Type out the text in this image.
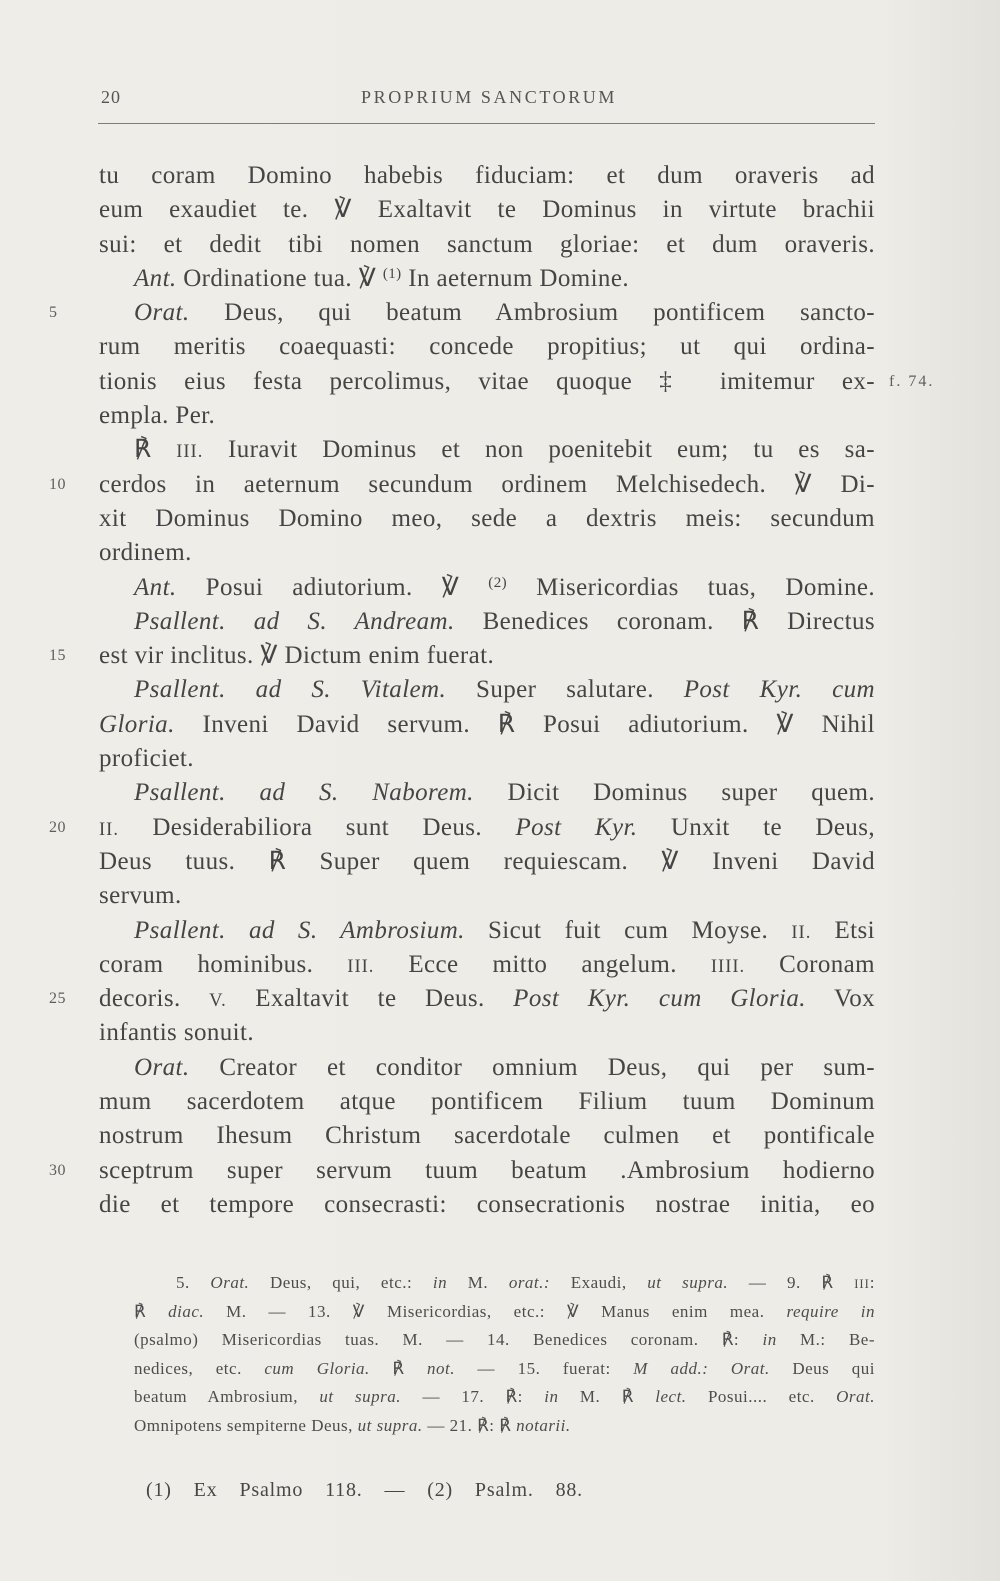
20	PROPRIUM SANCTORUM
tu coram Domino habebis fiduciam: et dum oraveris ad
eum exaudiet te. ℣ Exaltavit te Dominus in virtute brachii
sui: et dedit tibi nomen sanctum gloriae: et dum oraveris.
Ant. Ordinatione tua. ℣ $^{(1)}$ In aeternum Domine.
5	Orat. Deus, qui beatum Ambrosium pontificem sancto-
rum meritis coaequasti: concede propitius; ut qui ordina-
f. 74.
tionis eius festa percolimus, vitae quoque ‡ imitemur ex-
empla. Per.
℟ III. Iuravit Dominus et non poenitebit eum; tu es sa-
10	cerdos in aeternum secundum ordinem Melchisedech. ℣ Di-
xit Dominus Domino meo, sede a dextris meis: secundum
ordinem.
Ant. Posui adiutorium. ℣ $^{(2)}$ Misericordias tuas, Domine.
Psallent. ad S. Andream. Benedices coronam. ℟ Directus
15	est vir inclitus. ℣ Dictum enim fuerat.
Psallent. ad S. Vitalem. Super salutare. Post Kyr. cum
Gloria. Inveni David servum. ℟ Posui adiutorium. ℣ Nihil
proficiet.
Psallent. ad S. Naborem. Dicit Dominus super quem.
20	II. Desiderabiliora sunt Deus. Post Kyr. Unxit te Deus,
Deus tuus. ℟ Super quem requiescam. ℣ Inveni David
servum.
Psallent. ad S. Ambrosium. Sicut fuit cum Moyse. II. Etsi
coram hominibus. III. Ecce mitto angelum. IIII. Coronam
25	decoris. V. Exaltavit te Deus. Post Kyr. cum Gloria. Vox
infantis sonuit.
Orat. Creator et conditor omnium Deus, qui per sum-
mum sacerdotem atque pontificem Filium tuum Dominum
nostrum Ihesum Christum sacerdotale culmen et pontificale
30	sceptrum super servum tuum beatum .Ambrosium hodierno
die et tempore consecrasti: consecrationis nostrae initia, eo
5. Orat. Deus, qui, etc.: in M. orat.: Exaudi, ut supra. — 9. ℟ III:
℟ diac. M. — 13. ℣ Misericordias, etc.: ℣ Manus enim mea. require in
(psalmo) Misericordias tuas. M. — 14. Benedices coronam. ℟: in M.: Be-
nedices, etc. cum Gloria. ℟ not. — 15. fuerat: M add.: Orat. Deus qui
beatum Ambrosium, ut supra. — 17. ℟: in M. ℟ lect. Posui.... etc. Orat.
Omnipotens sempiterne Deus, ut supra. — 21. ℟: ℟ notarii.
(1) Ex Psalmo 118. — (2) Psalm. 88.
